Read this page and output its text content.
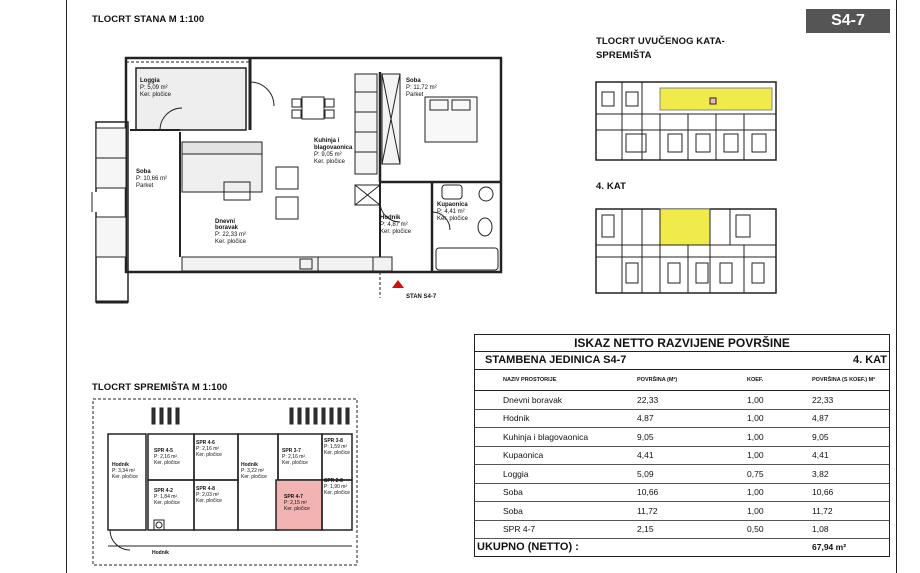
S4-7
TLOCRT STANA M 1:100
TLOCRT SPREMIŠTA M 1:100
TLOCRT UVUČENOG KATA-
SPREMIŠTA
4. KAT
Loggia
P: 5,09 m²
Ker. pločice
Soba
P: 10,66 m²
Parket
Dnevni
boravak
P: 22,33 m²
Ker. pločice
Kuhinja i
blagovaonica
P: 9,05 m²
Ker. pločice
Soba
P: 11,72 m²
Parket
Hodnik
P: 4,87 m²
Ker. pločice
Kupaonica
P: 4,41 m²
Ker. pločice
STAN S4-7
Hodnik
P: 3,34 m²
Ker. pločice
SPR 4-5
P: 2,16 m²
Ker. pločice
SPR 4-6
P: 2,16 m²
Ker. pločice
Hodnik
P: 3,22 m²
Ker. pločice
SPR 3-7
P: 2,16 m²
Ker. pločice
SPR 3-8
P: 1,59 m²
Ker. pločice
SPR 4-2
P: 1,84 m²
Ker. pločice
SPR 4-8
P: 2,03 m²
Ker. pločice
SPR 4-7
P: 2,15 m²
Ker. pločice
SPR 2-8
P: 1,90 m²
Ker. pločice
Hodnik
ISKAZ NETTO RAZVIJENE POVRŠINE
STAMBENA JEDINICA S4-7	4. KAT
NAZIV PROSTORIJE	POVRŠINA (M²)	KOEF.	POVRŠINA (S KOEF.) M²
Dnevni boravak	22,33	1,00	22,33
Hodnik	4,87	1,00	4,87
Kuhinja i blagovaonica	9,05	1,00	9,05
Kupaonica	4,41	1,00	4,41
Loggia	5,09	0,75	3,82
Soba	10,66	1,00	10,66
Soba	11,72	1,00	11,72
SPR 4-7	2,15	0,50	1,08
UKUPNO (NETTO) :	67,94 m²
